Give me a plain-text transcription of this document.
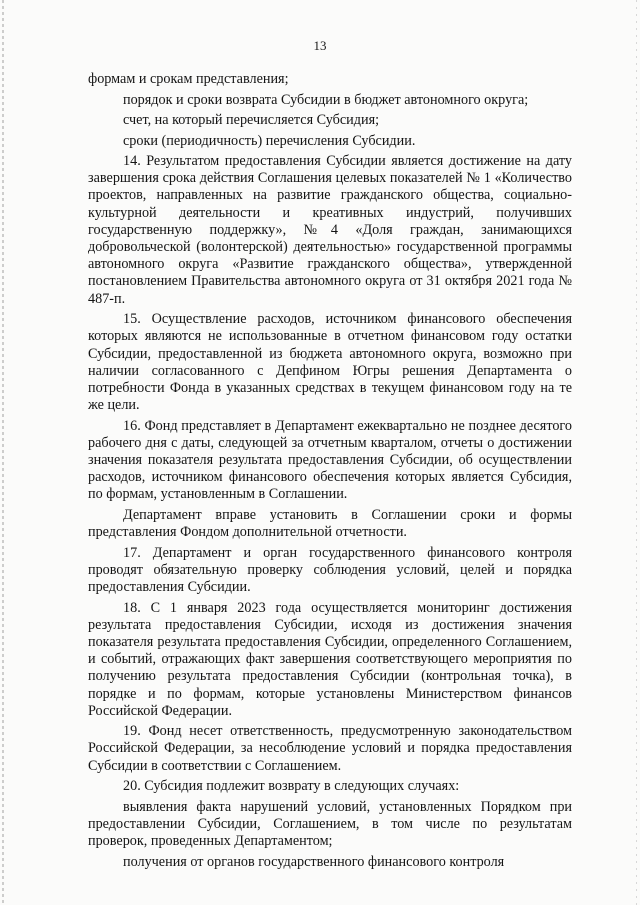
13

формам и срокам представления;

порядок и сроки возврата Субсидии в бюджет автономного округа;

счет, на который перечисляется Субсидия;

сроки (периодичность) перечисления Субсидии.

14. Результатом предоставления Субсидии является достижение на дату завершения срока действия Соглашения целевых показателей № 1 «Количество проектов, направленных на развитие гражданского общества, социально-культурной деятельности и креативных индустрий, получивших государственную поддержку», №4 «Доля граждан, занимающихся добровольческой (волонтерской) деятельностью» государственной программы автономного округа «Развитие гражданского общества», утвержденной постановлением Правительства автономного округа от 31 октября 2021 года № 487-п.

15. Осуществление расходов, источником финансового обеспечения которых являются не использованные в отчетном финансовом году остатки Субсидии, предоставленной из бюджета автономного округа, возможно при наличии согласованного с Депфином Югры решения Департамента о потребности Фонда в указанных средствах в текущем финансовом году на те же цели.

16. Фонд представляет в Департамент ежеквартально не позднее десятого рабочего дня с даты, следующей за отчетным кварталом, отчеты о достижении значения показателя результата предоставления Субсидии, об осуществлении расходов, источником финансового обеспечения которых является Субсидия, по формам, установленным в Соглашении.

Департамент вправе установить в Соглашении сроки и формы представления Фондом дополнительной отчетности.

17. Департамент и орган государственного финансового контроля проводят обязательную проверку соблюдения условий, целей и порядка предоставления Субсидии.

18. С 1 января 2023 года осуществляется мониторинг достижения результата предоставления Субсидии, исходя из достижения значения показателя результата предоставления Субсидии, определенного Соглашением, и событий, отражающих факт завершения соответствующего мероприятия по получению результата предоставления Субсидии (контрольная точка), в порядке и по формам, которые установлены Министерством финансов Российской Федерации.

19. Фонд несет ответственность, предусмотренную законодательством Российской Федерации, за несоблюдение условий и порядка предоставления Субсидии в соответствии с Соглашением.

20. Субсидия подлежит возврату в следующих случаях:

выявления факта нарушений условий, установленных Порядком при предоставлении Субсидии, Соглашением, в том числе по результатам проверок, проведенных Департаментом;

получения от органов государственного финансового контроля
